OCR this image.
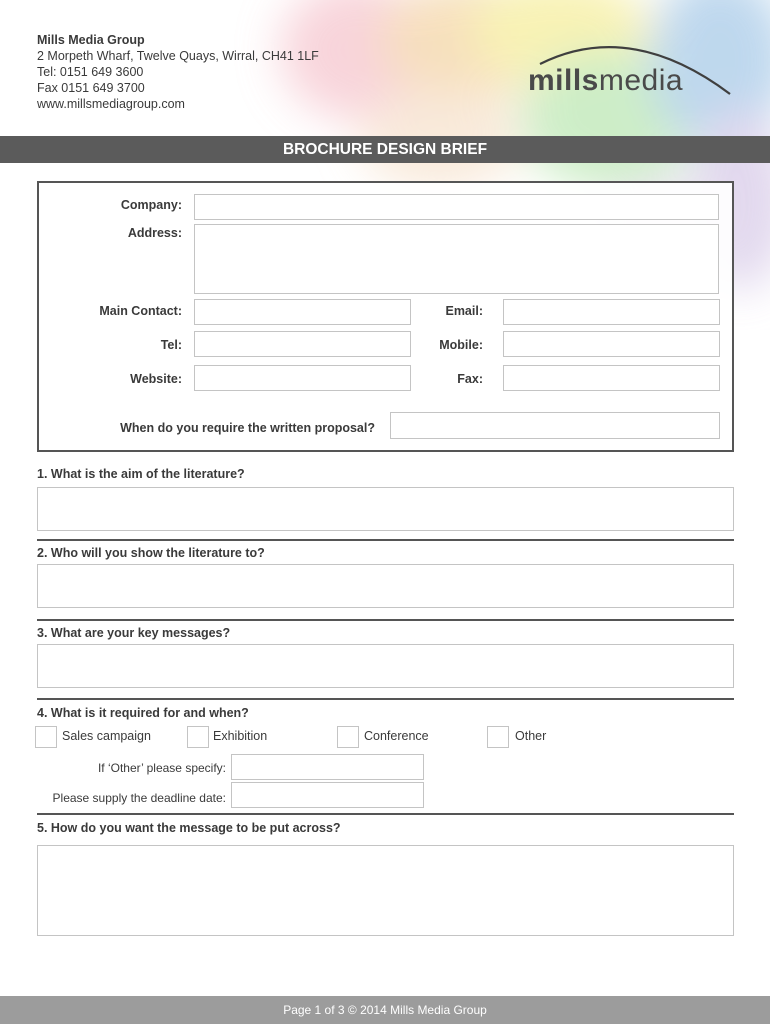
Mills Media Group
2 Morpeth Wharf, Twelve Quays, Wirral, CH41 1LF
Tel: 0151 649 3600
Fax 0151 649 3700
www.millsmediagroup.com
millsmedia
BROCHURE DESIGN BRIEF
Company:
Address:
Main Contact:	Email:
Tel:	Mobile:
Website:	Fax:
When do you require the written proposal?
1. What is the aim of the literature?
2. Who will you show the literature to?
3. What are your key messages?
4. What is it required for and when?
Sales campaign	Exhibition	Conference	Other
If ‘Other’ please specify:
Please supply the deadline date:
5. How do you want the message to be put across?
Page 1 of 3 © 2014 Mills Media Group
